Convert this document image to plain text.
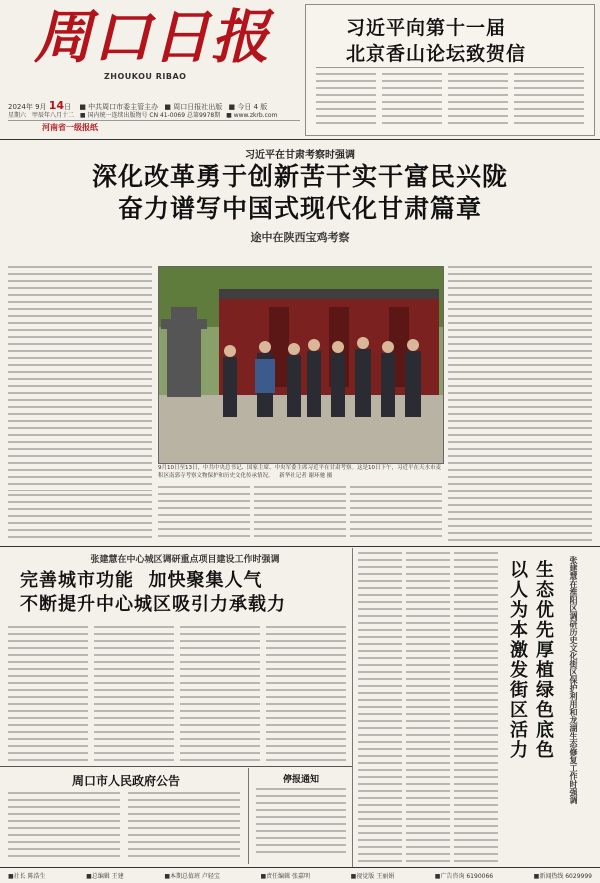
周口日报
ZHOUKOU RIBAO
2024年 9月 14日 ■ 中共周口市委主管主办 ■ 周口日报社出版 ■ 今日 4 版
星期六 甲辰年八月十二 ■ 国内统一连续出版物号 CN 41-0069 总第9978期 ■ www.zkrb.com
河南省一级报纸
习近平向第十一届
北京香山论坛致贺信
习近平在甘肃考察时强调
深化改革勇于创新苦干实干富民兴陇
奋力谱写中国式现代化甘肃篇章
途中在陕西宝鸡考察
9月10日至13日，中共中央总书记、国家主席、中央军委主席习近平在甘肃考察。这是10日下午，习近平在天水市麦积区南郭寺考察文物保护和历史文化传承情况。 新华社记者 谢环驰 摄
张建慧在中心城区调研重点项目建设工作时强调
完善城市功能  加快聚集人气
不断提升中心城区吸引力承载力	以人为本激发街区活力 生态优先厚植绿色底色 张建慧在淮阳区调研历史文化街区保护利用和龙湖生态修复工作时强调
周口市人民政府公告	停报通知
■社长 陈浩生	■总编辑 王建	■本期总值班 卢轻宝	■责任编辑 张嘉明	■视觉版 王丽娟	■广告咨询 6190066	■新闻热线 6029999
